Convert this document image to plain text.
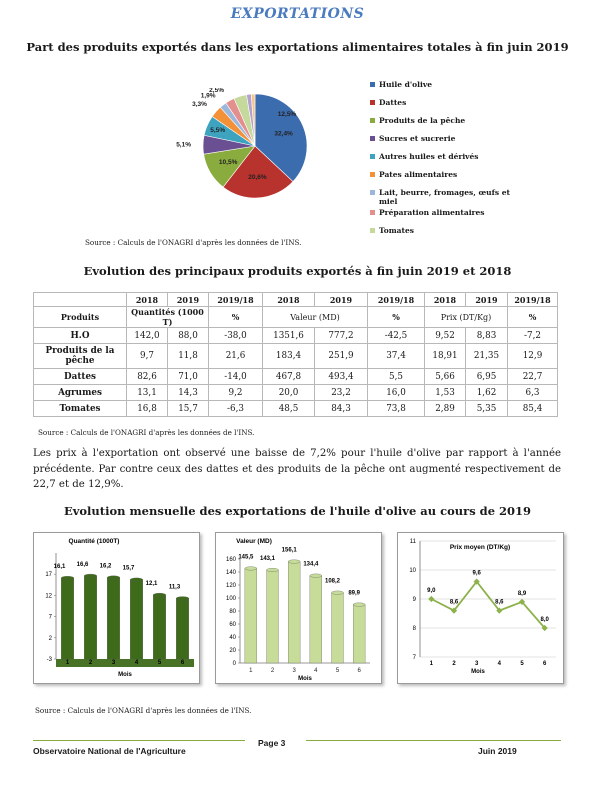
EXPORTATIONS
Part des produits exportés dans les exportations alimentaires totales à fin juin 2019
32,4%
20,6%
10,5%
5,5%
5,1%
3,3%
1,9%
2,5%
12,5%
Huile d'olive
Dattes
Produits de la pêche
Sucres et sucrerie
Autres huiles et dérivés
Pates alimentaires
Lait, beurre, fromages, œufs et miel
Préparation alimentaires
Tomates
Source : Calculs de l'ONAGRI d'après les données de l'INS.
Evolution des principaux produits exportés à fin juin 2019 et 2018
	2018	2019	2019/18	2018	2019	2019/18	2018	2019	2019/18
Produits	Quantités (1000 T)		%	Valeur (MD)		%	Prix (DT/Kg)		%
H.O	142,0	88,0	-38,0	1351,6	777,2	-42,5	9,52	8,83	-7,2
Produits de la pêche	9,7	11,8	21,6	183,4	251,9	37,4	18,91	21,35	12,9
Dattes	82,6	71,0	-14,0	467,8	493,4	5,5	5,66	6,95	22,7
Agrumes	13,1	14,3	9,2	20,0	23,2	16,0	1,53	1,62	6,3
Tomates	16,8	15,7	-6,3	48,5	84,3	73,8	2,89	5,35	85,4
Source : Calculs de l'ONAGRI d'après les données de l'INS.
Les prix à l'exportation ont observé une baisse de 7,2% pour l'huile d'olive par rapport à l'année précédente. Par contre ceux des dattes et des produits de la pêche ont augmenté respectivement de 22,7 et de 12,9%.
Evolution mensuelle des exportations de l'huile d'olive au cours de 2019
Quantité (1000T)
-3
2
7
12
17
16,1
1
16,6
2
16,2
3
15,7
4
12,1
5
11,3
6
Mois
Valeur (MD)
0
20
40
60
80
100
120
140
160 145,5
1
143,1
2
156,1
3
134,4
4
108,2
5
89,9
6
Mois
Prix moyen (DT/Kg)
7
8
9
10
11
9,0
1
8,6
2
9,6
3
8,6
4
8,9
5
8,0
6
Mois
Source : Calculs de l'ONAGRI d'après les données de l'INS.
Observatoire National de l'Agriculture
Page 3
Juin 2019
